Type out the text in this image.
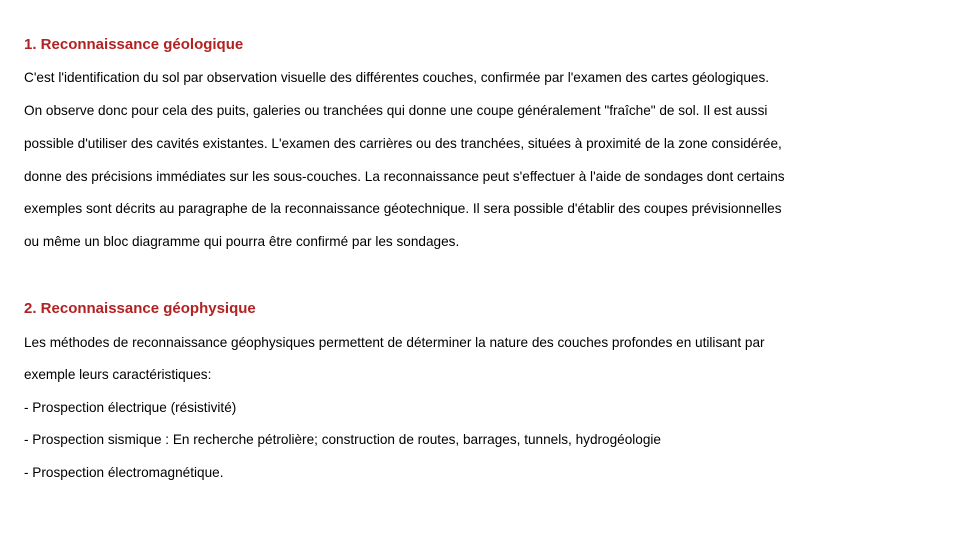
1. Reconnaissance géologique

C'est l'identification du sol par observation visuelle des différentes couches, confirmée par l'examen des cartes géologiques.

On observe donc pour cela des puits, galeries ou tranchées qui donne une coupe généralement "fraîche" de sol. Il est aussi

possible d'utiliser des cavités existantes. L'examen des carrières ou des tranchées, situées à proximité de la zone considérée,

donne des précisions immédiates sur les sous-couches. La reconnaissance peut s'effectuer à l'aide de sondages dont certains

exemples sont décrits au paragraphe de la reconnaissance géotechnique. Il sera possible d'établir des coupes prévisionnelles

ou même un bloc diagramme qui pourra être confirmé par les sondages.

2. Reconnaissance géophysique

Les méthodes de reconnaissance géophysiques permettent de déterminer la nature des couches profondes en utilisant par

exemple leurs caractéristiques:

- Prospection électrique (résistivité)

- Prospection sismique : En recherche pétrolière; construction de routes, barrages, tunnels, hydrogéologie

- Prospection électromagnétique.
